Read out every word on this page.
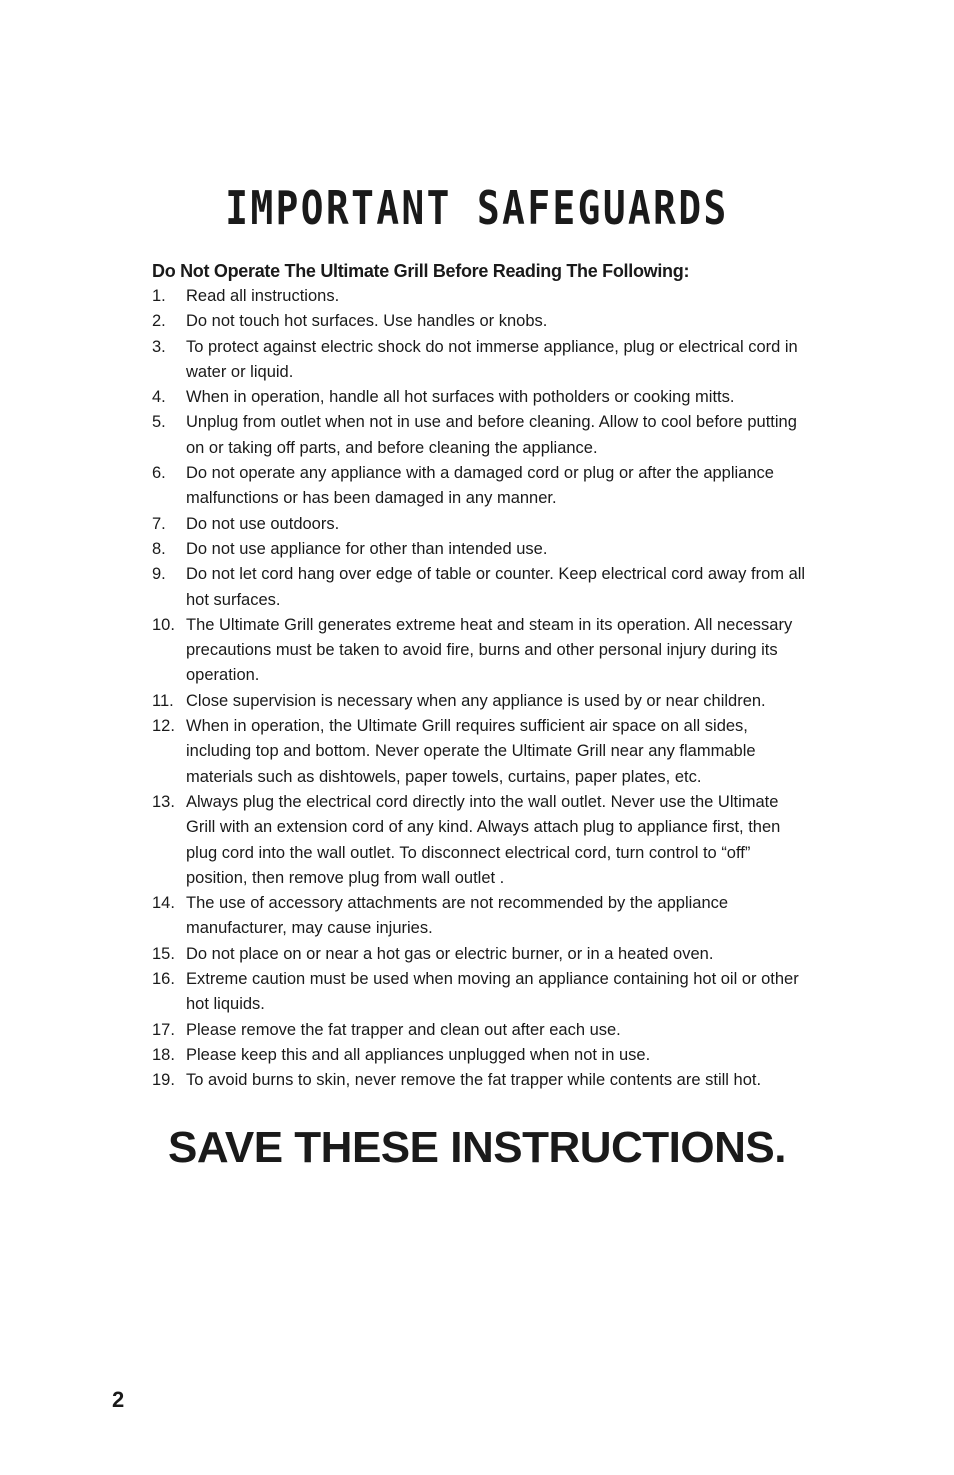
IMPORTANT SAFEGUARDS
Do Not Operate The Ultimate Grill Before Reading The Following:
1.	Read all instructions.
2.	Do not touch hot surfaces. Use handles or knobs.
3.	To protect against electric shock do not immerse appliance, plug or electrical cord in water or liquid.
4.	When in operation, handle all hot surfaces with potholders or cooking mitts.
5.	Unplug from outlet when not in use and before cleaning. Allow to cool before putting on or taking off parts, and before cleaning the appliance.
6.	Do not operate any appliance with a damaged cord or plug or after the appliance malfunctions or has been damaged in any manner.
7.	Do not use outdoors.
8.	Do not use appliance for other than intended use.
9.	Do not let cord hang over edge of table or counter. Keep electrical cord away from all hot surfaces.
10. The Ultimate Grill generates extreme heat and steam in its operation. All necessary precautions must be taken to avoid fire, burns and other personal injury during its operation.
11. Close supervision is necessary when any appliance is used by or near children.
12. When in operation, the Ultimate Grill requires sufficient air space on all sides, including top and bottom. Never operate the Ultimate Grill near any flammable materials such as dishtowels, paper towels, curtains, paper plates, etc.
13. Always plug the electrical cord directly into the wall outlet. Never use the Ultimate Grill with an extension cord of any kind. Always attach plug to appliance first, then plug cord into the wall outlet. To disconnect electrical cord, turn control to “off” position, then remove plug from wall outlet .
14. The use of accessory attachments are not recommended by the appliance manufacturer, may cause injuries.
15. Do not place on or near a hot gas or electric burner, or in a heated oven.
16. Extreme caution must be used when moving an appliance containing hot oil or other hot liquids.
17. Please remove the fat trapper and clean out after each use.
18. Please keep this and all appliances unplugged when not in use.
19. To avoid burns to skin, never remove the fat trapper while contents are still hot.
SAVE THESE INSTRUCTIONS.
2
